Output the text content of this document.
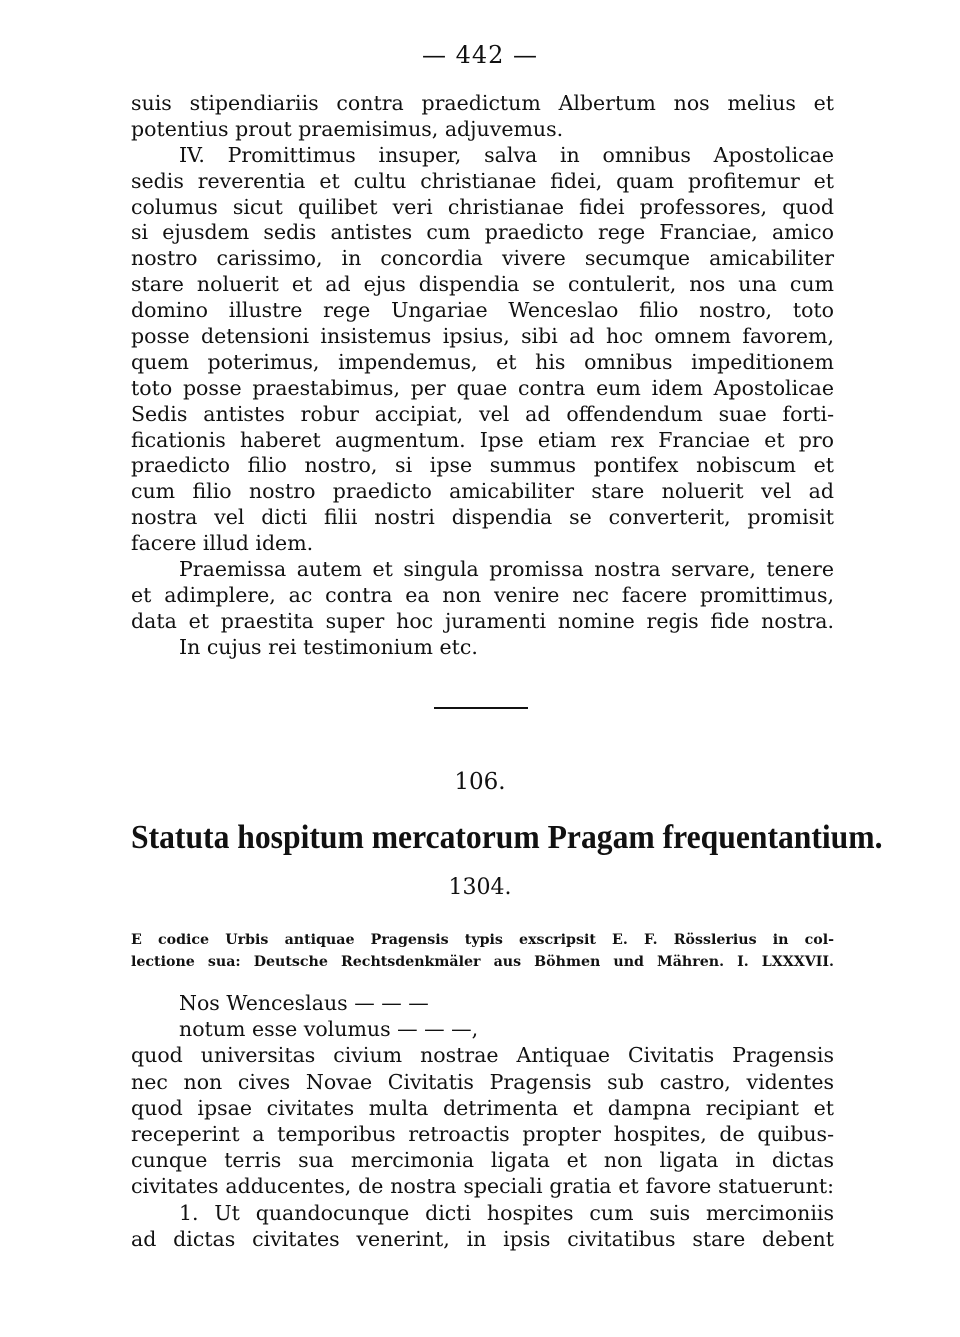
— 442 —
suis stipendiariis contra praedictum Albertum nos melius et
potentius prout praemisimus, adjuvemus.
IV. Promittimus insuper, salva in omnibus Apostolicae
sedis reverentia et cultu christianae fidei, quam profitemur et
columus sicut quilibet veri christianae fidei professores, quod
si ejusdem sedis antistes cum praedicto rege Franciae, amico
nostro carissimo, in concordia vivere secumque amicabiliter
stare noluerit et ad ejus dispendia se contulerit, nos una cum
domino illustre rege Ungariae Wenceslao filio nostro, toto
posse detensioni insistemus ipsius, sibi ad hoc omnem favorem,
quem poterimus, impendemus, et his omnibus impeditionem
toto posse praestabimus, per quae contra eum idem Apostolicae
Sedis antistes robur accipiat, vel ad offendendum suae forti-
ficationis haberet augmentum. Ipse etiam rex Franciae et pro
praedicto filio nostro, si ipse summus pontifex nobiscum et
cum filio nostro praedicto amicabiliter stare noluerit vel ad
nostra vel dicti filii nostri dispendia se converterit, promisit
facere illud idem.
Praemissa autem et singula promissa nostra servare, tenere
et adimplere, ac contra ea non venire nec facere promittimus,
data et praestita super hoc juramenti nomine regis fide nostra.
In cujus rei testimonium etc.
106.
Statuta hospitum mercatorum Pragam frequentantium.
1304.
E codice Urbis antiquae Pragensis typis exscripsit E. F. Rösslerius in col-
lectione sua: Deutsche Rechtsdenkmäler aus Böhmen und Mähren. I. LXXXVII.
Nos Wenceslaus — — —
notum esse volumus — — —,
quod universitas civium nostrae Antiquae Civitatis Pragensis
nec non cives Novae Civitatis Pragensis sub castro, videntes
quod ipsae civitates multa detrimenta et dampna recipiant et
receperint a temporibus retroactis propter hospites, de quibus-
cunque terris sua mercimonia ligata et non ligata in dictas
civitates adducentes, de nostra speciali gratia et favore statuerunt:
1. Ut quandocunque dicti hospites cum suis mercimoniis
ad dictas civitates venerint, in ipsis civitatibus stare debent
